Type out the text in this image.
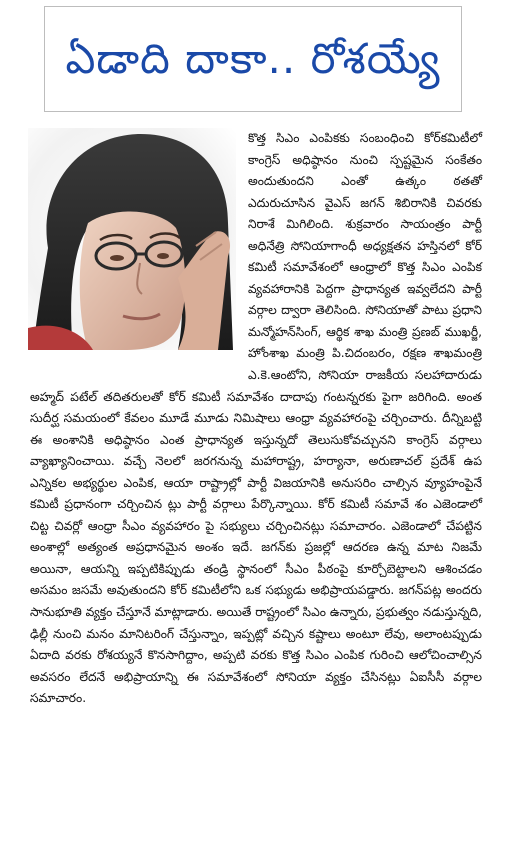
ఏడాది దాకా.. రోశయ్యే

కొత్త సిఎం ఎంపికకు సంబంధించి కోర్‌కమిటీలో కాంగ్రెస్ అధిష్ఠానం నుంచి స్పష్టమైన సంకేతం అందుతుందని ఎంతో ఉత్కం ఠతతో ఎదురుచూసిన వైఎస్ జగన్ శిబిరానికి చివరకు నిరాశే మిగిలింది. శుక్రవారం సాయంత్రం పార్టీ అధినేత్రి సోనియాగాంధీ అధ్యక్షతన హస్తినలో కోర్ కమిటీ సమావేశంలో ఆంధ్రాలో కొత్త సిఎం ఎంపిక వ్యవహారానికి పెద్దగా ప్రాధాన్యత ఇవ్వలేదని పార్టీ వర్గాల ద్వారా తెలిసింది. సోనియాతో పాటు ప్రధాని మన్మోహన్‌సింగ్, ఆర్థిక శాఖ మంత్రి ప్రణబ్ ముఖర్జీ, హోంశాఖ మంత్రి పి.చిదంబరం, రక్షణ శాఖమంత్రి ఎ.కె.ఆంటోని, సోనియా రాజకీయ సలహాదారుడు అహ్మద్ పటేల్ తదితరులతో కోర్ కమిటీ సమావేశం దాదాపు గంటన్నరకు పైగా జరిగింది. అంత సుదీర్ఘ సమయంలో కేవలం మూడే మూడు నిమిషాలు ఆంధ్రా వ్యవహారంపై చర్చించారు. దీన్నిబట్టి ఈ అంశానికి అధిష్ఠానం ఎంత ప్రాధాన్యత ఇస్తున్నదో తెలుసుకోవచ్చునని కాంగ్రెస్ వర్గాలు వ్యాఖ్యానించాయి. వచ్చే నెలలో జరగనున్న మహారాష్ట్ర, హర్యానా, అరుణాచల్ ప్రదేశ్ ఉప ఎన్నికల అభ్యర్థుల ఎంపిక, ఆయా రాష్ట్రాల్లో పార్టీ విజయానికి అనుసరిం చాల్సిన వ్యూహంపైనే కమిటీ ప్రధానంగా చర్చించిన ట్లు పార్టీ వర్గాలు పేర్కొన్నాయి. కోర్ కమిటీ సమావే శం ఎజెండాలో చిట్ట చివర్లో ఆంధ్రా సీఎం వ్యవహారం పై సభ్యులు చర్చించినట్లు సమాచారం. ఎజెండాలో చేపట్టిన అంశాల్లో అత్యంత అప్రధానమైన అంశం ఇదే. జగన్‌కు ప్రజల్లో ఆదరణ ఉన్న మాట నిజమే అయినా, ఆయన్ని ఇప్పటికిప్పుడు తండ్రి స్థానంలో సీఎం పీఠంపై కూర్చోబెట్టాలని ఆశించడం అసమం జసమే అవుతుందని కోర్ కమిటీలోని ఒక సభ్యుడు అభిప్రాయపడ్డారు. జగన్‌పట్ల అందరు సానుభూతి వ్యక్తం చేస్తూనే మాట్లాడారు. అయితే రాష్ట్రంలో సిఎం ఉన్నారు, ప్రభుత్వం నడుస్తున్నది, ఢిల్లీ నుంచి మనం మానిటరింగ్ చేస్తున్నాం, ఇప్పట్లో వచ్చిన కష్టాలు అంటూ లేవు, అలాంటప్పుడు ఏదాది వరకు రోశయ్యనే కొనసాగిద్దాం, అప్పటి వరకు కొత్త సిఎం ఎంపిక గురించి ఆలోచించాల్సిన అవసరం లేదనే అభిప్రాయాన్ని ఈ సమావేశంలో సోనియా వ్యక్తం చేసినట్లు ఏఐసీసీ వర్గాల సమాచారం.
